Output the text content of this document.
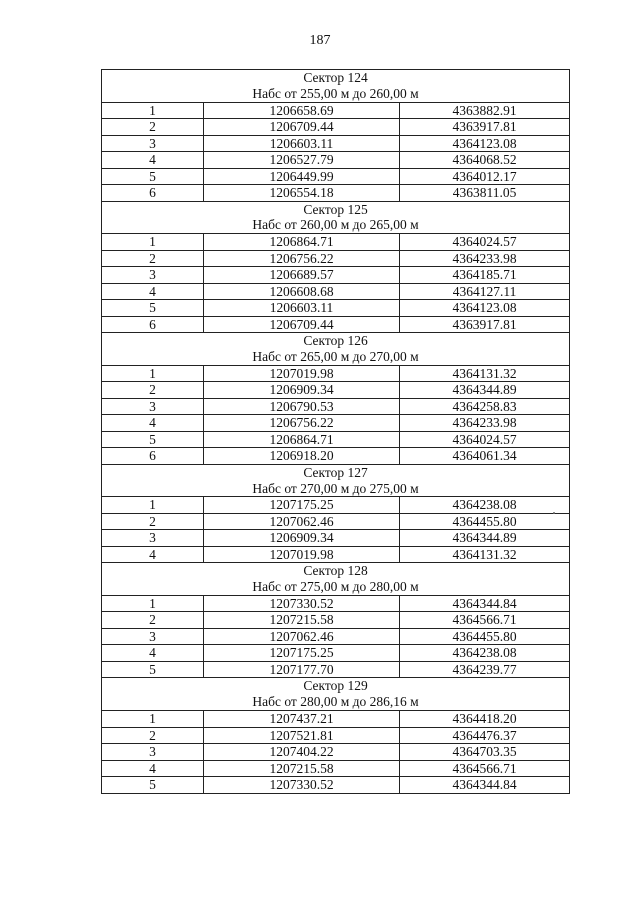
187
Сектор 124
Набс от 255,00 м до 260,00 м		

1	1206658.69	4363882.91
2	1206709.44	4363917.81
3	1206603.11	4364123.08
4	1206527.79	4364068.52
5	1206449.99	4364012.17
6	1206554.18	4363811.05

Сектор 125
Набс от 260,00 м до 265,00 м		

1	1206864.71	4364024.57
2	1206756.22	4364233.98
3	1206689.57	4364185.71
4	1206608.68	4364127.11
5	1206603.11	4364123.08
6	1206709.44	4363917.81

Сектор 126
Набс от 265,00 м до 270,00 м		

1	1207019.98	4364131.32
2	1206909.34	4364344.89
3	1206790.53	4364258.83
4	1206756.22	4364233.98
5	1206864.71	4364024.57
6	1206918.20	4364061.34

Сектор 127
Набс от 270,00 м до 275,00 м		

1	1207175.25	4364238.08
2	1207062.46	4364455.80
3	1206909.34	4364344.89
4	1207019.98	4364131.32

Сектор 128
Набс от 275,00 м до 280,00 м		

1	1207330.52	4364344.84
2	1207215.58	4364566.71
3	1207062.46	4364455.80
4	1207175.25	4364238.08
5	1207177.70	4364239.77

Сектор 129
Набс от 280,00 м до 286,16 м		

1	1207437.21	4364418.20
2	1207521.81	4364476.37
3	1207404.22	4364703.35
4	1207215.58	4364566.71
5	1207330.52	4364344.84
